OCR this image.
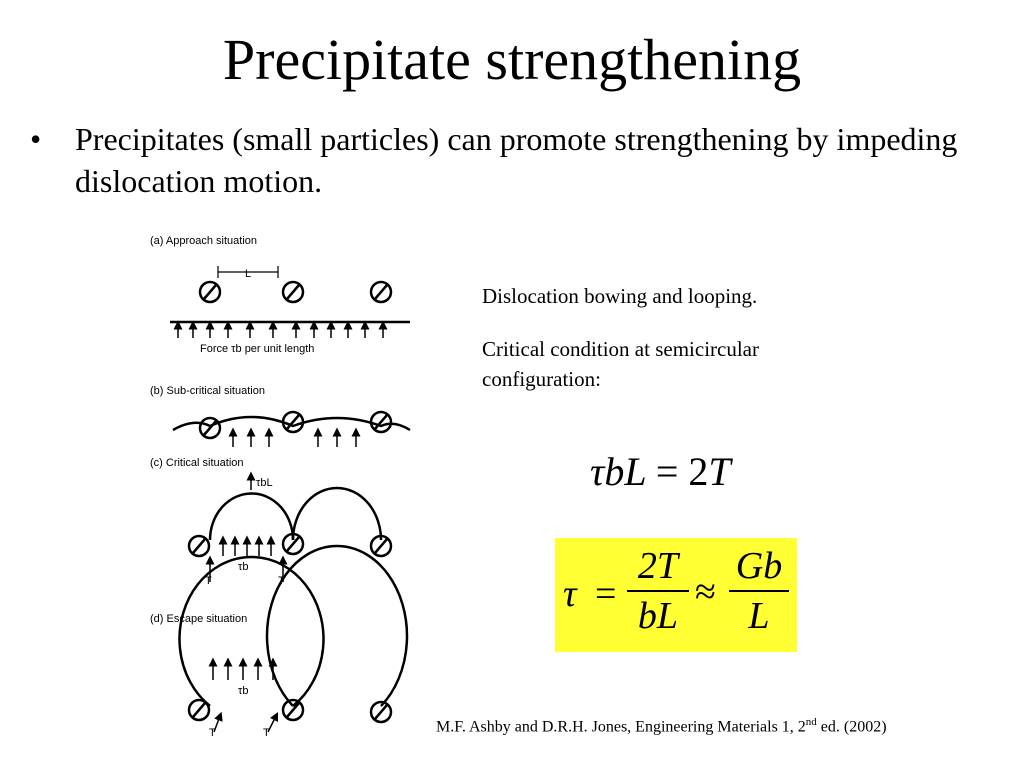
Precipitate strengthening
•	Precipitates (small particles) can promote strengthening by impeding dislocation motion.
(a) Approach situation
L
Force τb per unit length
(b) Sub-critical situation
(c) Critical situation
τbL
τb
T	T
(d) Escape situation
τb
T	T
Dislocation bowing and looping.
Critical condition at semicircular configuration:
τbL = 2T
τ =
2T
bL
≈
Gb
L
M.F. Ashby and D.R.H. Jones, Engineering Materials 1, 2nd ed. (2002)
